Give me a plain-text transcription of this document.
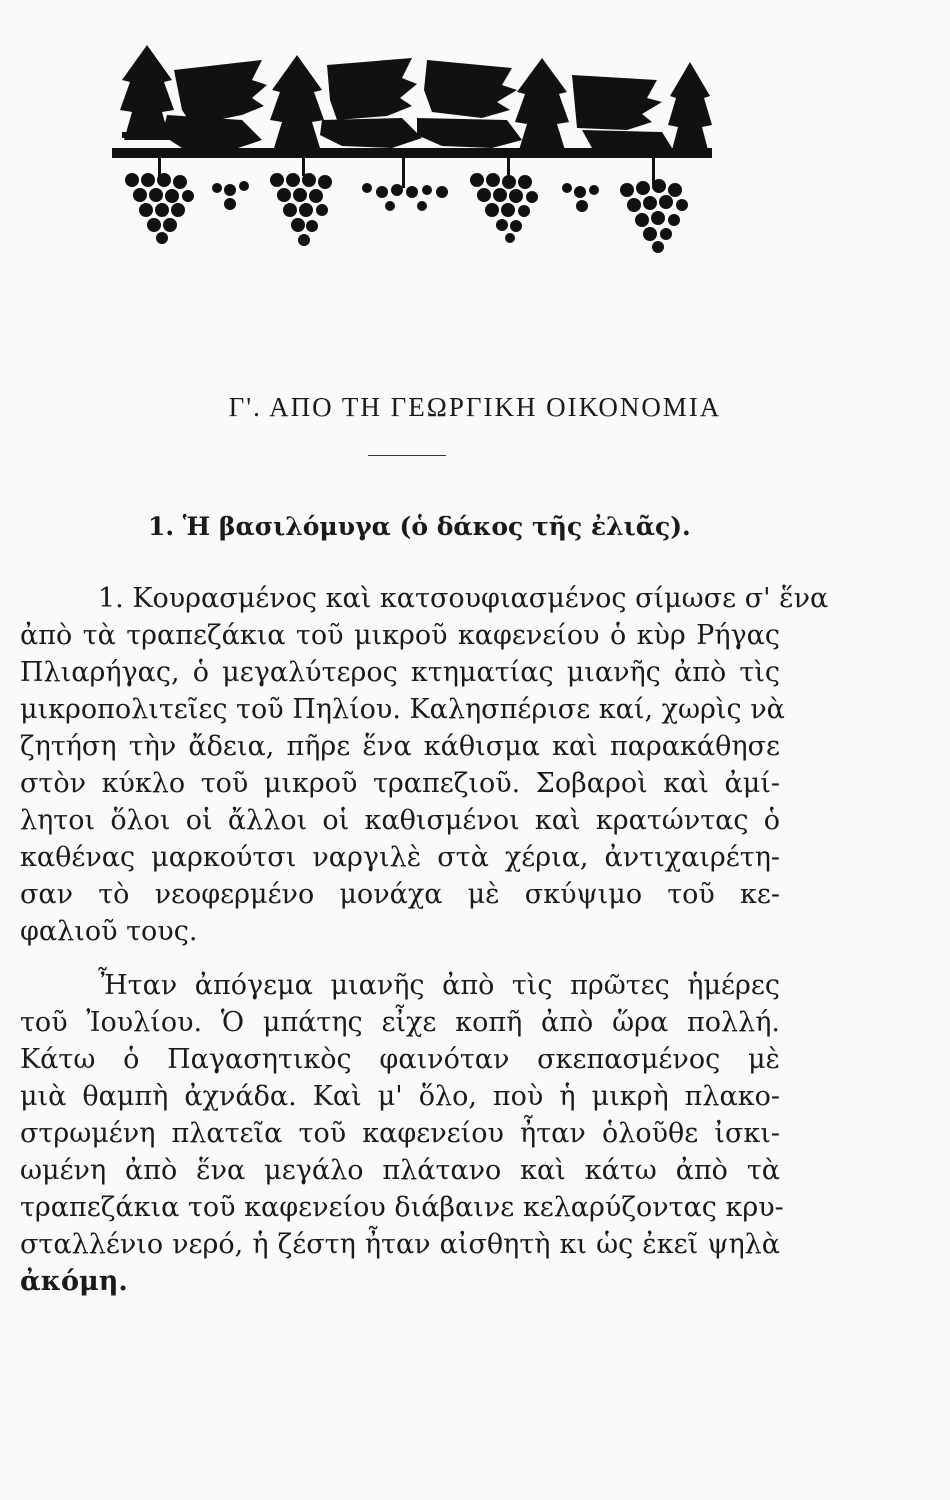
Γ'. ΑΠΟ ΤΗ ΓΕΩΡΓΙΚΗ ΟΙΚΟΝΟΜΙΑ
1. Ἡ βασιλόμυγα (ὁ δάκος τῆς ἐλιᾶς).
1. Κουρασμένος καὶ κατσουφιασμένος σίμωσε σ' ἕνα
ἀπὸ τὰ τραπεζάκια τοῦ μικροῦ καφενείου ὁ κὺρ Ρήγας
Πλιαρήγας, ὁ μεγαλύτερος κτηματίας μιανῆς ἀπὸ τὶς
μικροπολιτεῖες τοῦ Πηλίου. Καλησπέρισε καί, χωρὶς νὰ
ζητήση τὴν ἄδεια, πῆρε ἕνα κάθισμα καὶ παρακάθησε
στὸν κύκλο τοῦ μικροῦ τραπεζιοῦ. Σοβαροὶ καὶ ἀμί-
λητοι ὅλοι οἱ ἄλλοι οἱ καθισμένοι καὶ κρατώντας ὁ
καθένας μαρκούτσι ναργιλὲ στὰ χέρια, ἀντιχαιρέτη-
σαν τὸ νεοφερμένο μονάχα μὲ σκύψιμο τοῦ κε-
φαλιοῦ τους.
Ἦταν ἀπόγεμα μιανῆς ἀπὸ τὶς πρῶτες ἡμέρες
τοῦ Ἰουλίου. Ὁ μπάτης εἶχε κοπῆ ἀπὸ ὥρα πολλή.
Κάτω ὁ Παγασητικὸς φαινόταν σκεπασμένος μὲ
μιὰ θαμπὴ ἀχνάδα. Καὶ μ' ὅλο, ποὺ ἡ μικρὴ πλακο-
στρωμένη πλατεῖα τοῦ καφενείου ἦταν ὁλοῦθε ἰσκι-
ωμένη ἀπὸ ἕνα μεγάλο πλάτανο καὶ κάτω ἀπὸ τὰ
τραπεζάκια τοῦ καφενείου διάβαινε κελαρύζοντας κρυ-
σταλλένιο νερό, ἡ ζέστη ἦταν αἰσθητὴ κι ὡς ἐκεῖ ψηλὰ
ἀκόμη.
